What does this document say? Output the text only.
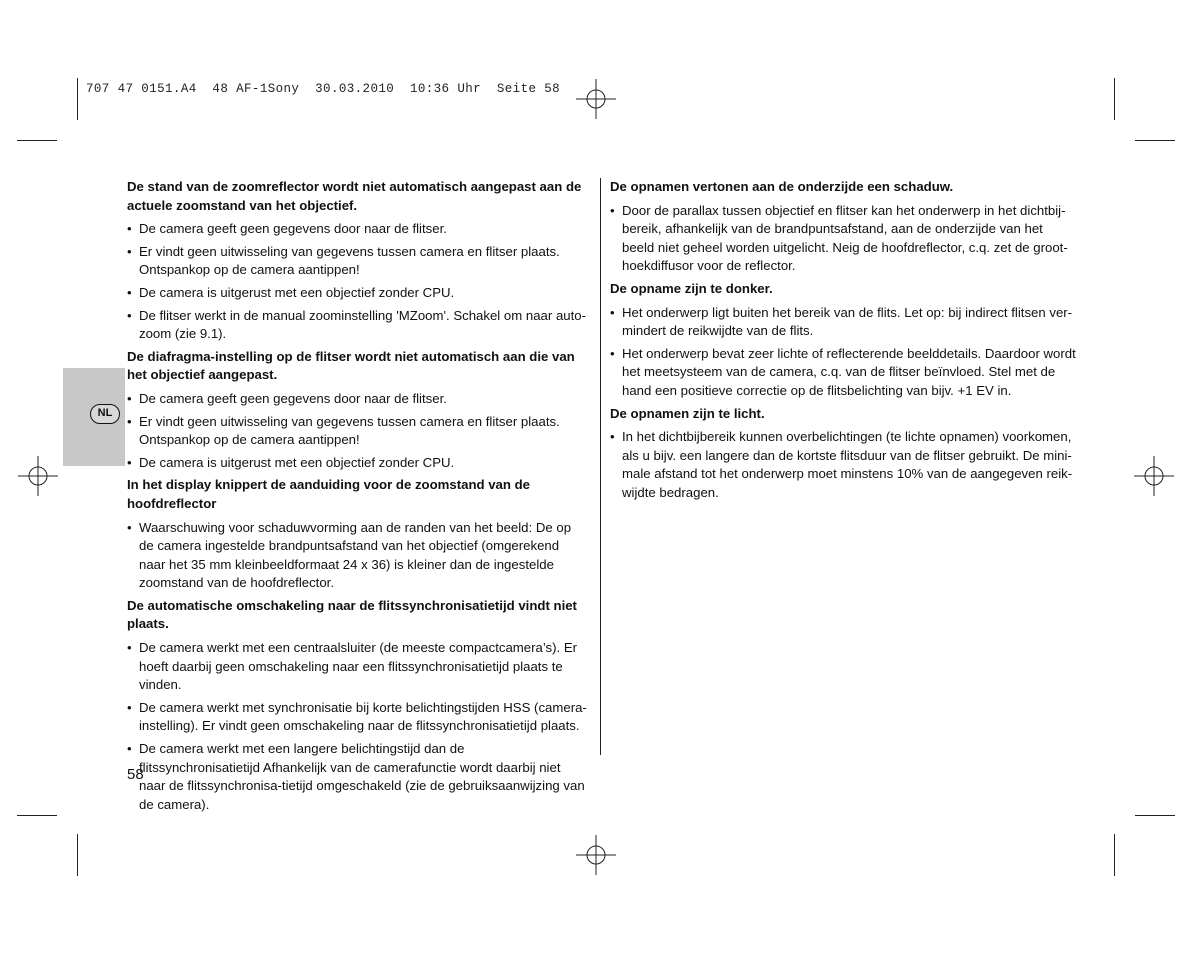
707 47 0151.A4  48 AF-1Sony  30.03.2010  10:36 Uhr  Seite 58
NL
De stand van de zoomreflector wordt niet automatisch aangepast aan de actuele zoomstand van het objectief.
• De camera geeft geen gegevens door naar de flitser.
• Er vindt geen uitwisseling van gegevens tussen camera en flitser plaats. Ontspankop op de camera aantippen!
• De camera is uitgerust met een objectief zonder CPU.
• De flitser werkt in de manual zoominstelling 'MZoom'. Schakel om naar auto-zoom (zie 9.1).
De diafragma-instelling op de flitser wordt niet automatisch aan die van het objectief aangepast.
• De camera geeft geen gegevens door naar de flitser.
• Er vindt geen uitwisseling van gegevens tussen camera en flitser plaats. Ontspankop op de camera aantippen!
• De camera is uitgerust met een objectief zonder CPU.
In het display knippert de aanduiding voor de zoomstand van de hoofdreflector
• Waarschuwing voor schaduwvorming aan de randen van het beeld: De op de camera ingestelde brandpuntsafstand van het objectief (omgerekend naar het 35 mm kleinbeeldformaat 24 x 36) is kleiner dan de ingestelde zoomstand van de hoofdreflector.
De automatische omschakeling naar de flitssynchronisatietijd vindt niet plaats.
• De camera werkt met een centraalsluiter (de meeste compactcamera’s). Er hoeft daarbij geen omschakeling naar een flitssynchronisatietijd plaats te vinden.
• De camera werkt met synchronisatie bij korte belichtingstijden HSS (camera-instelling). Er vindt geen omschakeling naar de flitssynchronisatietijd plaats.
• De camera werkt met een langere belichtingstijd dan de flitssynchronisatietijd Afhankelijk van de camerafunctie wordt daarbij niet naar de flitssynchronisa-tietijd omgeschakeld (zie de gebruiksaanwijzing van de camera).
De opnamen vertonen aan de onderzijde een schaduw.
• Door de parallax tussen objectief en flitser kan het onderwerp in het dichtbij-bereik, afhankelijk van de brandpuntsafstand, aan de onderzijde van het beeld niet geheel worden uitgelicht. Neig de hoofdreflector, c.q. zet de groot-hoekdiffusor voor de reflector.
De opname zijn te donker.
• Het onderwerp ligt buiten het bereik van de flits. Let op: bij indirect flitsen ver-mindert de reikwijdte van de flits.
• Het onderwerp bevat zeer lichte of reflecterende beelddetails. Daardoor wordt het meetsysteem van de camera, c.q. van de flitser beïnvloed. Stel met de hand een positieve correctie op de flitsbelichting van bijv. +1 EV in.
De opnamen zijn te licht.
• In het dichtbijbereik kunnen overbelichtingen (te lichte opnamen) voorkomen, als u bijv. een langere dan de kortste flitsduur van de flitser gebruikt. De mini-male afstand tot het onderwerp moet minstens 10% van de aangegeven reik-wijdte bedragen.
58
